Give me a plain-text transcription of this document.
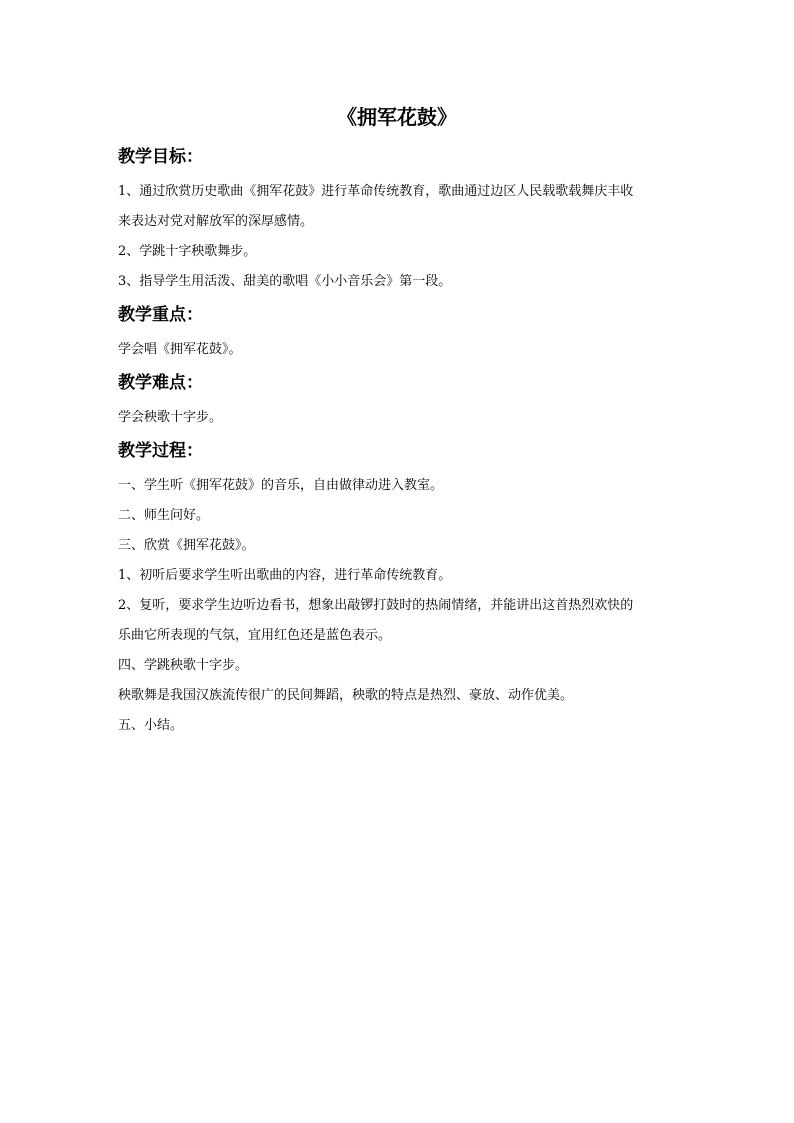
《拥军花鼓》
教学目标：

1、通过欣赏历史歌曲《拥军花鼓》进行革命传统教育，歌曲通过边区人民载歌载舞庆丰收

来表达对党对解放军的深厚感情。

2、学跳十字秧歌舞步。

3、指导学生用活泼、甜美的歌唱《小小音乐会》第一段。

教学重点：

学会唱《拥军花鼓》。

教学难点：

学会秧歌十字步。

教学过程：

一、学生听《拥军花鼓》的音乐，自由做律动进入教室。

二、师生问好。

三、欣赏《拥军花鼓》。

1、初听后要求学生听出歌曲的内容，进行革命传统教育。

2、复听，要求学生边听边看书，想象出敲锣打鼓时的热闹情绪，并能讲出这首热烈欢快的

乐曲它所表现的气氛，宜用红色还是蓝色表示。

四、学跳秧歌十字步。

秧歌舞是我国汉族流传很广的民间舞蹈，秧歌的特点是热烈、豪放、动作优美。

五、小结。
